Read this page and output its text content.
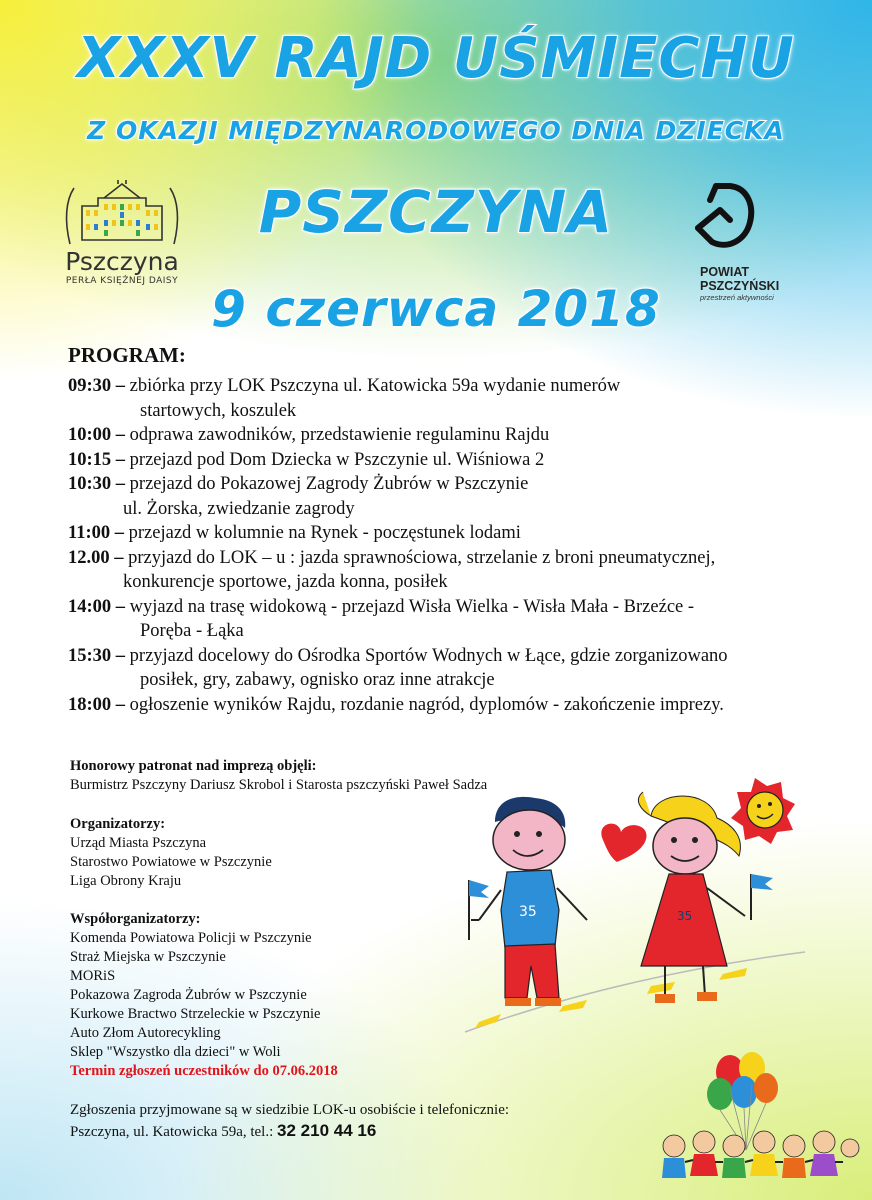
XXXV RAJD UŚMIECHU
Z OKAZJI MIĘDZYNARODOWEGO DNIA DZIECKA
PSZCZYNA
9 czerwca 2018
Pszczyna
PERŁA KSIĘŻNEJ DAISY
POWIAT
PSZCZYŃSKI
przestrzeń aktywności
PROGRAM:
09:30 – zbiórka przy LOK Pszczyna ul. Katowicka 59a wydanie numerów
startowych, koszulek
10:00 – odprawa zawodników, przedstawienie regulaminu Rajdu
10:15 – przejazd pod Dom Dziecka w Pszczynie ul. Wiśniowa 2
10:30 – przejazd do Pokazowej Zagrody Żubrów w Pszczynie
ul. Żorska, zwiedzanie zagrody
11:00 – przejazd w kolumnie na Rynek - poczęstunek lodami
12.00 – przyjazd do LOK – u : jazda sprawnościowa, strzelanie z broni pneumatycznej,
konkurencje sportowe, jazda konna, posiłek
14:00 – wyjazd na trasę widokową - przejazd Wisła Wielka - Wisła Mała - Brzeźce -
Poręba - Łąka
15:30 – przyjazd docelowy do Ośrodka Sportów Wodnych w Łące, gdzie zorganizowano
posiłek, gry, zabawy, ognisko oraz inne atrakcje
18:00 – ogłoszenie wyników Rajdu, rozdanie nagród, dyplomów - zakończenie imprezy.
Honorowy patronat nad imprezą objęli:
Burmistrz Pszczyny Dariusz Skrobol i Starosta pszczyński Paweł Sadza
Organizatorzy:
Urząd Miasta Pszczyna
Starostwo Powiatowe w Pszczynie
Liga Obrony Kraju
Współorganizatorzy:
Komenda Powiatowa Policji w Pszczynie
Straż Miejska w Pszczynie
MORiS
Pokazowa Zagroda Żubrów w Pszczynie
Kurkowe Bractwo Strzeleckie w Pszczynie
Auto Złom Autorecykling
Sklep "Wszystko dla dzieci" w Woli
Termin zgłoszeń uczestników do 07.06.2018
Zgłoszenia przyjmowane są w siedzibie LOK-u osobiście i telefonicznie:
Pszczyna, ul. Katowicka 59a, tel.: 32 210 44 16
35	35
